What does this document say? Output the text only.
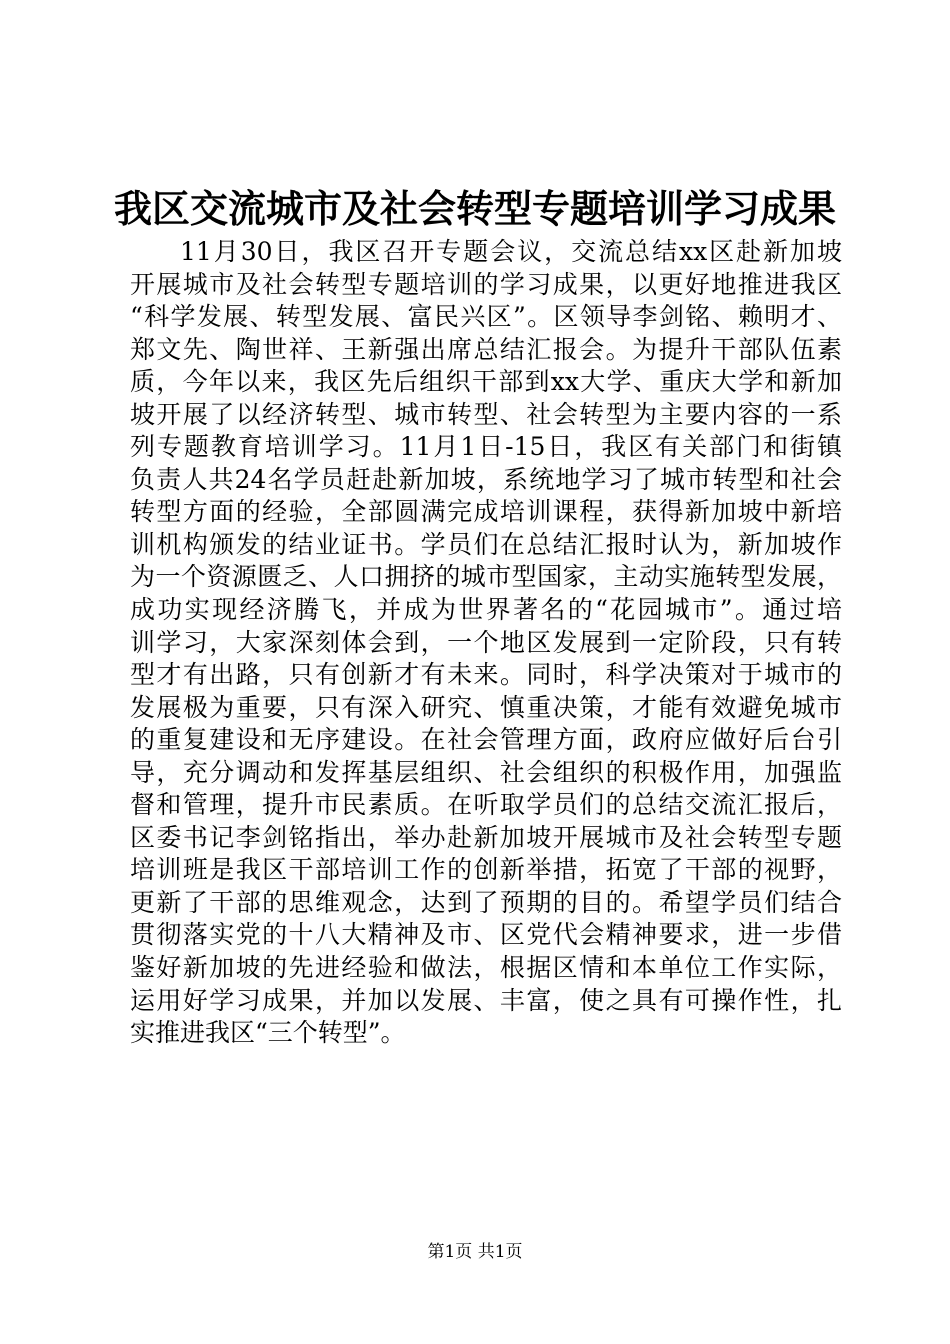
我区交流城市及社会转型专题培训学习成果
11月30日，我区召开专题会议，交流总结xx区赴新加坡
开展城市及社会转型专题培训的学习成果，以更好地推进我区
“科学发展、转型发展、富民兴区”。区领导李剑铭、赖明才、
郑文先、陶世祥、王新强出席总结汇报会。为提升干部队伍素
质，今年以来，我区先后组织干部到xx大学、重庆大学和新加
坡开展了以经济转型、城市转型、社会转型为主要内容的一系
列专题教育培训学习。11月1日-15日，我区有关部门和街镇
负责人共24名学员赶赴新加坡，系统地学习了城市转型和社会
转型方面的经验，全部圆满完成培训课程，获得新加坡中新培
训机构颁发的结业证书。学员们在总结汇报时认为，新加坡作
为一个资源匮乏、人口拥挤的城市型国家，主动实施转型发展，
成功实现经济腾飞，并成为世界著名的“花园城市”。通过培
训学习，大家深刻体会到，一个地区发展到一定阶段，只有转
型才有出路，只有创新才有未来。同时，科学决策对于城市的
发展极为重要，只有深入研究、慎重决策，才能有效避免城市
的重复建设和无序建设。在社会管理方面，政府应做好后台引
导，充分调动和发挥基层组织、社会组织的积极作用，加强监
督和管理，提升市民素质。在听取学员们的总结交流汇报后，
区委书记李剑铭指出，举办赴新加坡开展城市及社会转型专题
培训班是我区干部培训工作的创新举措，拓宽了干部的视野，
更新了干部的思维观念，达到了预期的目的。希望学员们结合
贯彻落实党的十八大精神及市、区党代会精神要求，进一步借
鉴好新加坡的先进经验和做法，根据区情和本单位工作实际，
运用好学习成果，并加以发展、丰富，使之具有可操作性，扎
实推进我区“三个转型”。
第1页 共1页
